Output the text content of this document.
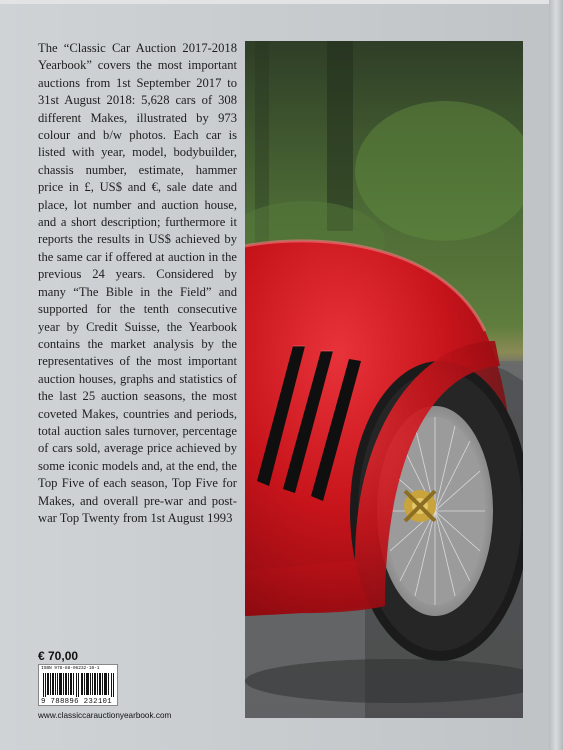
The “Classic Car Auction 2017-2018 Yearbook” covers the most important auctions from 1st September 2017 to 31st August 2018: 5,628 cars of 308 different Makes, illustrated by 973 colour and b/w photos. Each car is listed with year, model, bodybuilder, chassis number, estimate, hammer price in £, US$ and €, sale date and place, lot number and auction house, and a short description; furthermore it reports the results in US$ achieved by the same car if offered at auction in the previous 24 years. Considered by many “The Bible in the Field” and supported for the tenth consecutive year by Credit Suisse, the Yearbook contains the market analysis by the representatives of the most important auction houses, graphs and statistics of the last 25 auction seasons, the most coveted Makes, countries and periods, total auction sales turnover, percentage of cars sold, average price achieved by some iconic models and, at the end, the Top Five of each season, Top Five for Makes, and overall pre-war and post-war Top Twenty from 1st August 1993

€ 70,00
ISBN 978-88-96232-10-1
9 788896 232101
www.classiccarauctionyearbook.com
